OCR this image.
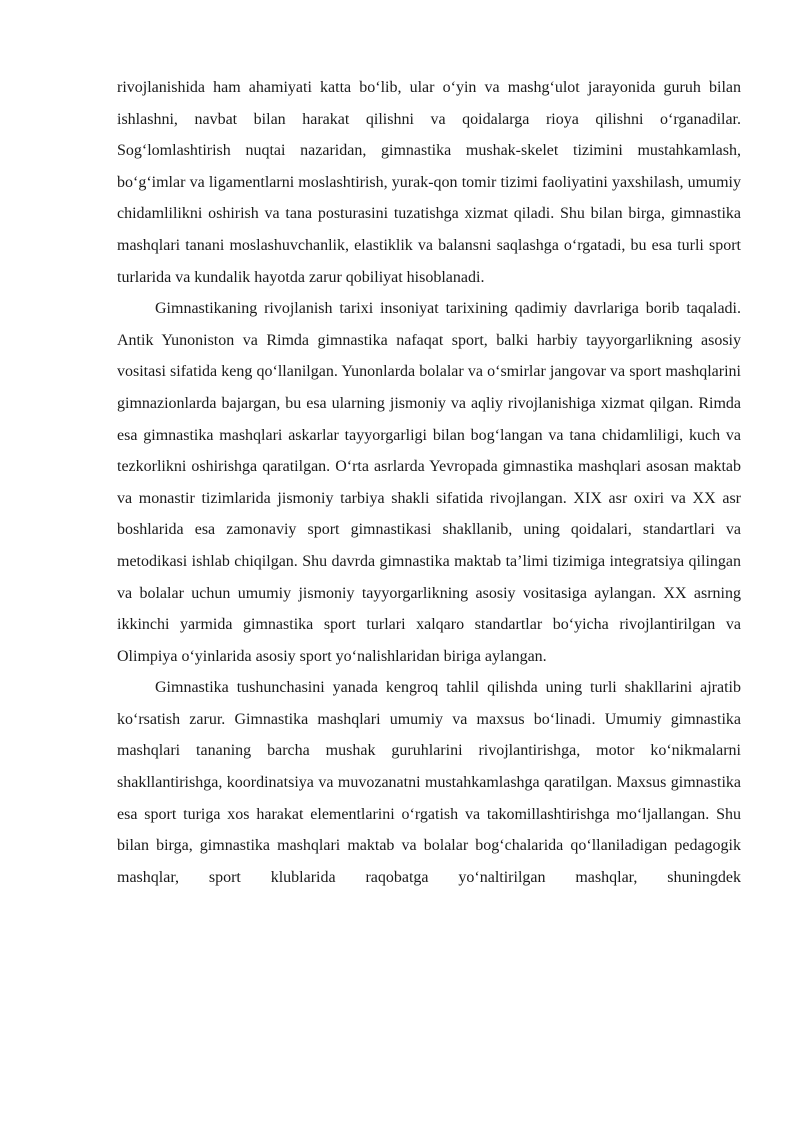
rivojlanishida ham ahamiyati katta bo‘lib, ular o‘yin va mashg‘ulot jarayonida guruh bilan ishlashni, navbat bilan harakat qilishni va qoidalarga rioya qilishni o‘rganadilar. Sog‘lomlashtirish nuqtai nazaridan, gimnastika mushak-skelet tizimini mustahkamlash, bo‘g‘imlar va ligamentlarni moslashtirish, yurak-qon tomir tizimi faoliyatini yaxshilash, umumiy chidamlilikni oshirish va tana posturasini tuzatishga xizmat qiladi. Shu bilan birga, gimnastika mashqlari tanani moslashuvchanlik, elastiklik va balansni saqlashga o‘rgatadi, bu esa turli sport turlarida va kundalik hayotda zarur qobiliyat hisoblanadi.

Gimnastikaning rivojlanish tarixi insoniyat tarixining qadimiy davrlariga borib taqaladi. Antik Yunoniston va Rimda gimnastika nafaqat sport, balki harbiy tayyorgarlikning asosiy vositasi sifatida keng qo‘llanilgan. Yunonlarda bolalar va o‘smirlar jangovar va sport mashqlarini gimnazionlarda bajargan, bu esa ularning jismoniy va aqliy rivojlanishiga xizmat qilgan. Rimda esa gimnastika mashqlari askarlar tayyorgarligi bilan bog‘langan va tana chidamliligi, kuch va tezkorlikni oshirishga qaratilgan. O‘rta asrlarda Yevropada gimnastika mashqlari asosan maktab va monastir tizimlarida jismoniy tarbiya shakli sifatida rivojlangan. XIX asr oxiri va XX asr boshlarida esa zamonaviy sport gimnastikasi shakllanib, uning qoidalari, standartlari va metodikasi ishlab chiqilgan. Shu davrda gimnastika maktab ta’limi tizimiga integratsiya qilingan va bolalar uchun umumiy jismoniy tayyorgarlikning asosiy vositasiga aylangan. XX asrning ikkinchi yarmida gimnastika sport turlari xalqaro standartlar bo‘yicha rivojlantirilgan va Olimpiya o‘yinlarida asosiy sport yo‘nalishlaridan biriga aylangan.

Gimnastika tushunchasini yanada kengroq tahlil qilishda uning turli shakllarini ajratib ko‘rsatish zarur. Gimnastika mashqlari umumiy va maxsus bo‘linadi. Umumiy gimnastika mashqlari tananing barcha mushak guruhlarini rivojlantirishga, motor ko‘nikmalarni shakllantirishga, koordinatsiya va muvozanatni mustahkamlashga qaratilgan. Maxsus gimnastika esa sport turiga xos harakat elementlarini o‘rgatish va takomillashtirishga mo‘ljallangan. Shu bilan birga, gimnastika mashqlari maktab va bolalar bog‘chalarida qo‘llaniladigan pedagogik mashqlar, sport klublarida raqobatga yo‘naltirilgan mashqlar, shuningdek
